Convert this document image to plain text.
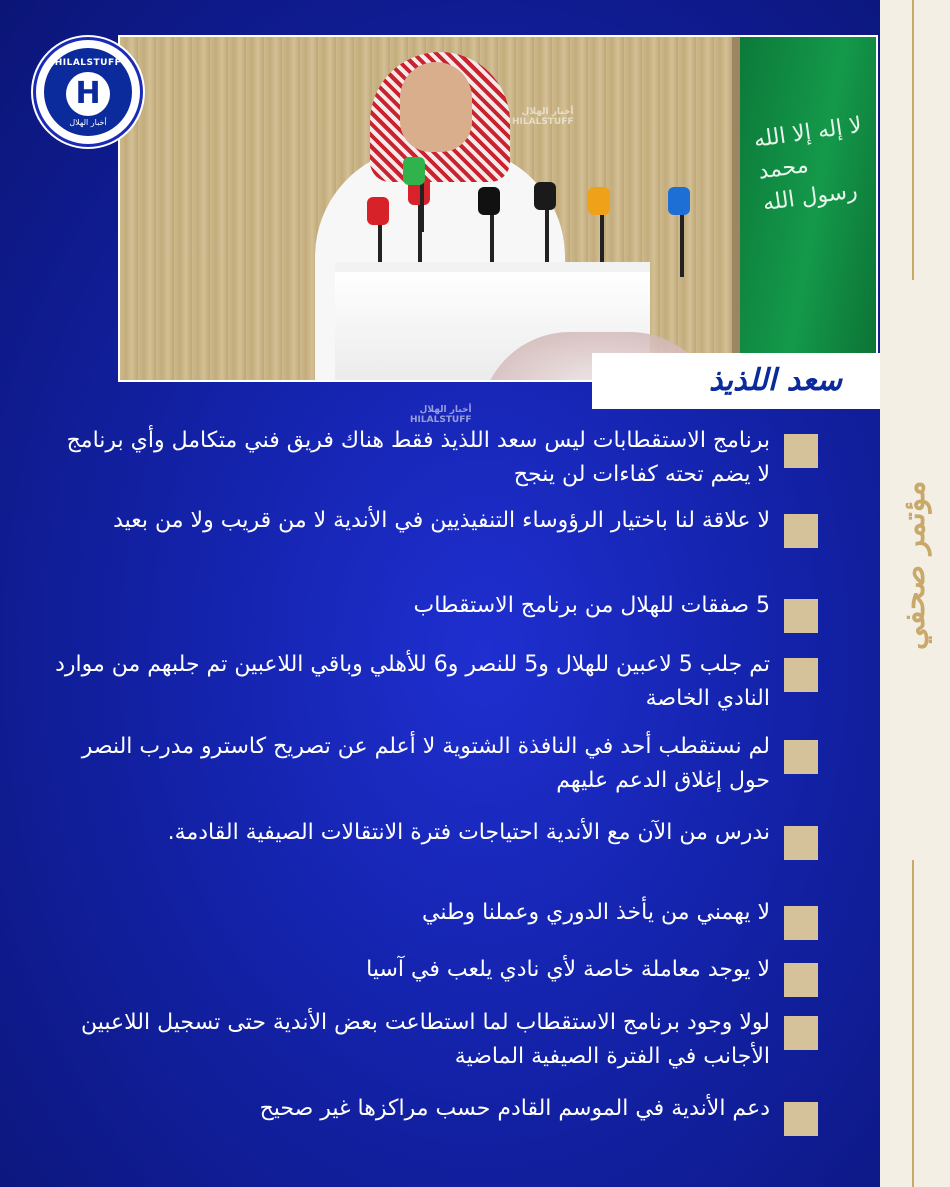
مؤتمر صحفي
لا إله إلا الله محمد رسول الله
أخبار الهلال
HILALSTUFF
HILALSTUFF
H
أخبار الهلال
سعد اللذيذ
أخبار الهلال
HILALSTUFF
برنامج الاستقطابات ليس سعد اللذيذ فقط هناك فريق فني متكامل وأي برنامج لا يضم تحته كفاءات لن ينجح
لا علاقة لنا باختيار الرؤوساء التنفيذيين في الأندية لا من قريب ولا من بعيد
5 صفقات للهلال من برنامج الاستقطاب
تم جلب 5 لاعبين للهلال و5 للنصر و6 للأهلي وباقي اللاعبين تم جلبهم من موارد النادي الخاصة
لم نستقطب أحد في النافذة الشتوية لا أعلم عن تصريح كاسترو مدرب النصر حول إغلاق الدعم عليهم
ندرس من الآن مع الأندية احتياجات فترة الانتقالات الصيفية القادمة.
لا يهمني من يأخذ الدوري وعملنا وطني
لا يوجد معاملة خاصة لأي نادي يلعب في آسيا
لولا وجود برنامج الاستقطاب لما استطاعت بعض الأندية حتى تسجيل اللاعبين الأجانب في الفترة الصيفية الماضية
دعم الأندية في الموسم القادم حسب مراكزها غير صحيح
